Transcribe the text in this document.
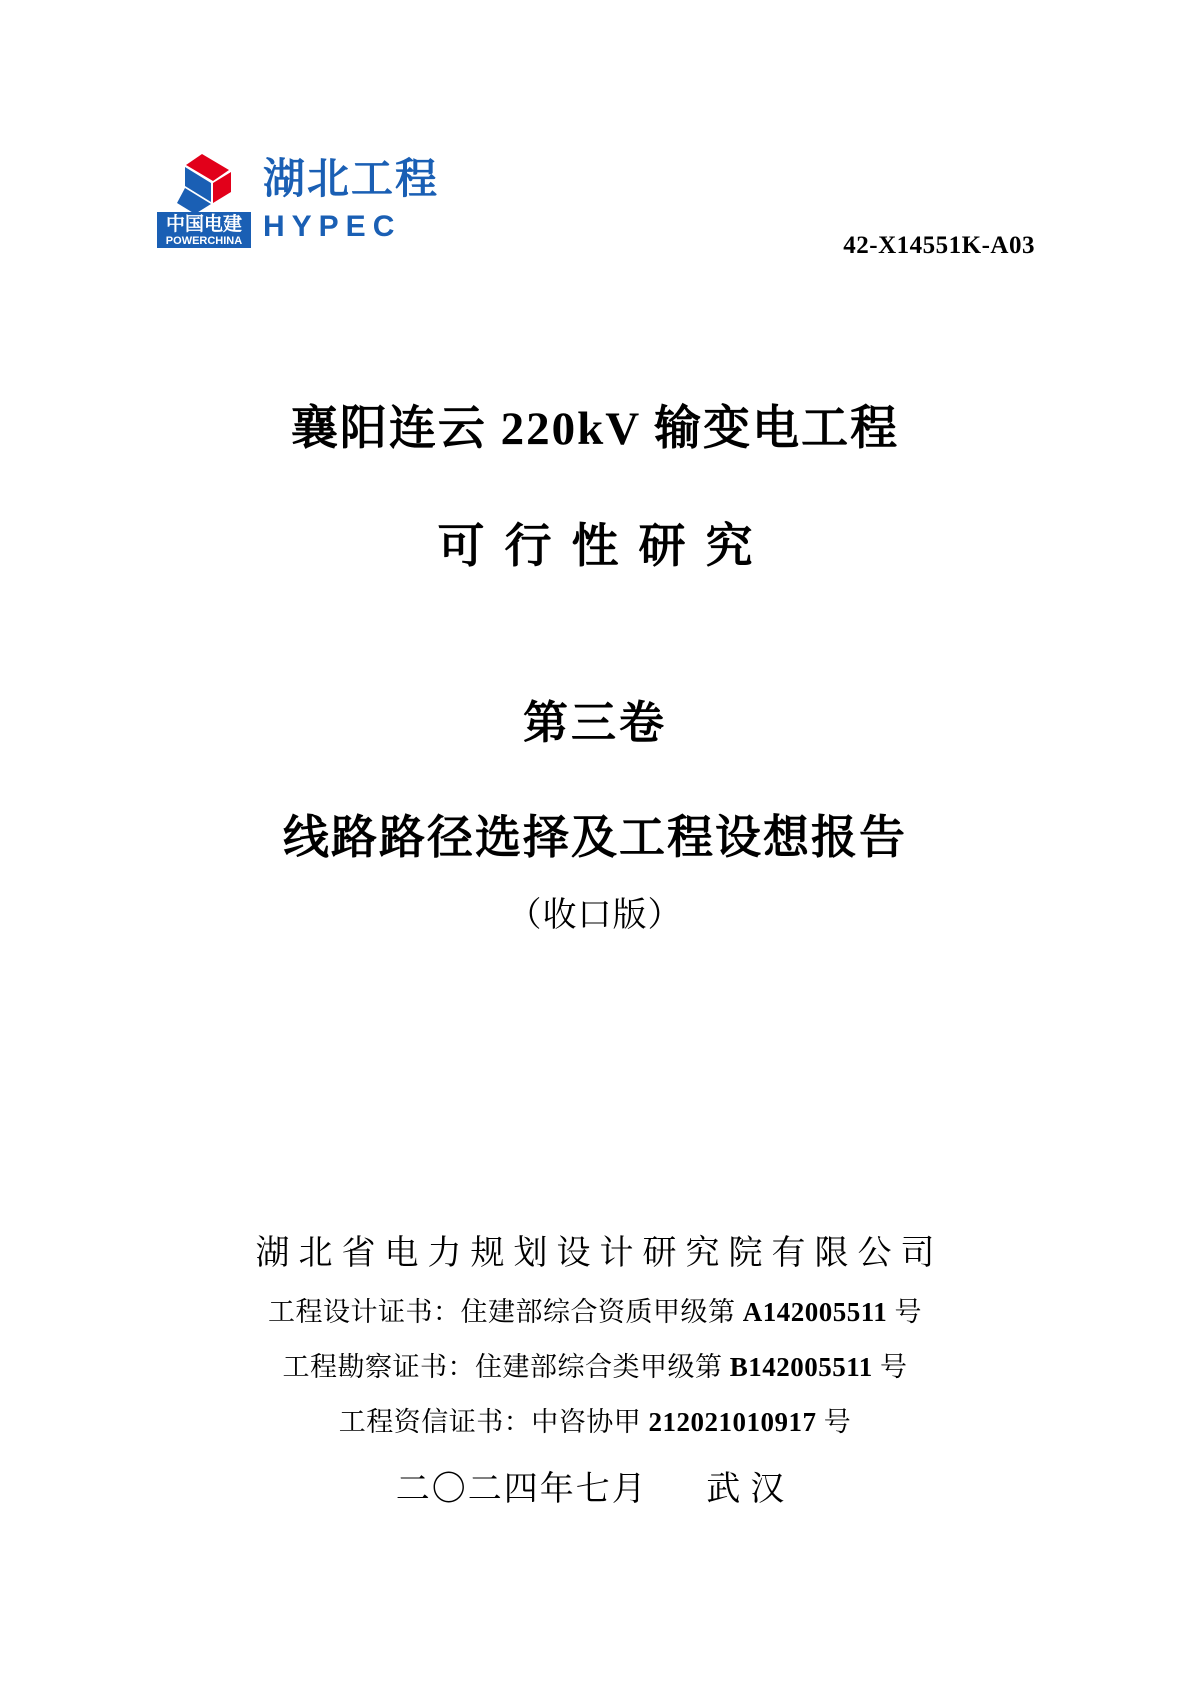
中国电建
POWERCHINA
湖北工程
HYPEC
42-X14551K-A03
襄阳连云 220kV 输变电工程
可行性研究
第三卷
线路路径选择及工程设想报告
（收口版）
湖北省电力规划设计研究院有限公司
工程设计证书：住建部综合资质甲级第 A142005511 号
工程勘察证书：住建部综合类甲级第 B142005511 号
工程资信证书：中咨协甲 212021010917 号
二〇二四年七月 武汉
